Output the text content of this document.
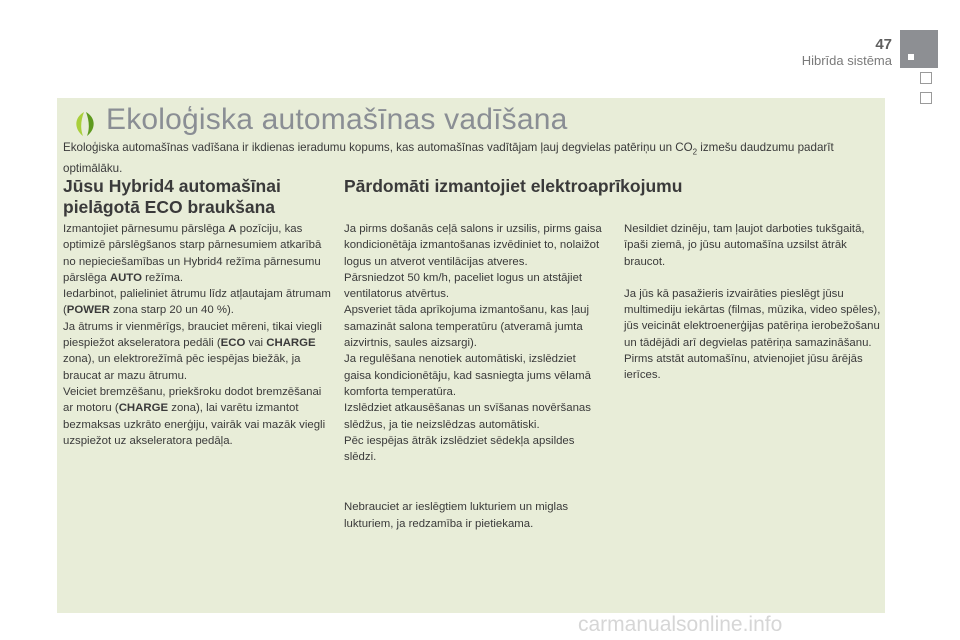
47
Hibrīda sistēma
Ekoloģiska automašīnas vadīšana
Ekoloģiska automašīnas vadīšana ir ikdienas ieradumu kopums, kas automašīnas vadītājam ļauj degvielas patēriņu un $CO_2$ izmešu daudzumu padarīt optimālāku.
Jūsu Hybrid4 automašīnai pielāgotā ECO braukšana
Pārdomāti izmantojiet elektroaprīkojumu

Izmantojiet pārnesumu pārslēga A pozīciju, kas optimizē pārslēgšanos starp pārnesumiem atkarībā no nepieciešamības un Hybrid4 režīma pārnesumu pārslēga AUTO režīma.

Iedarbinot, palieliniet ātrumu līdz atļautajam ātrumam (POWER zona starp 20 un 40 %).

Ja ātrums ir vienmērīgs, brauciet mēreni, tikai viegli piespiežot akseleratora pedāli (ECO vai CHARGE zona), un elektrorežīmā pēc iespējas biežāk, ja braucat ar mazu ātrumu.

Veiciet bremzēšanu, priekšroku dodot bremzēšanai ar motoru (CHARGE zona), lai varētu izmantot bezmaksas uzkrāto enerģiju, vairāk vai mazāk viegli uzspiežot uz akseleratora pedāļa.

Ja pirms došanās ceļā salons ir uzsilis, pirms gaisa kondicionētāja izmantošanas izvēdiniet to, nolaižot logus un atverot ventilācijas atveres.

Pārsniedzot 50 km/h, paceliet logus un atstājiet ventilatorus atvērtus.

Apsveriet tāda aprīkojuma izmantošanu, kas ļauj samazināt salona temperatūru (atveramā jumta aizvirtnis, saules aizsargi).

Ja regulēšana nenotiek automātiski, izslēdziet gaisa kondicionētāju, kad sasniegta jums vēlamā komforta temperatūra.

Izslēdziet atkausēšanas un svīšanas novēršanas slēdžus, ja tie neizslēdzas automātiski.

Pēc iespējas ātrāk izslēdziet sēdekļa apsildes slēdzi.

Nebrauciet ar ieslēgtiem lukturiem un miglas lukturiem, ja redzamība ir pietiekama.

Nesildiet dzinēju, tam ļaujot darboties tukšgaitā, īpaši ziemā, jo jūsu automašīna uzsilst ātrāk braucot.

Ja jūs kā pasažieris izvairāties pieslēgt jūsu multimediju iekārtas (filmas, mūzika, video spēles), jūs veicināt elektroenerģijas patēriņa ierobežošanu un tādējādi arī degvielas patēriņa samazināšanu.

Pirms atstāt automašīnu, atvienojiet jūsu ārējās ierīces.

carmanualsonline.info
